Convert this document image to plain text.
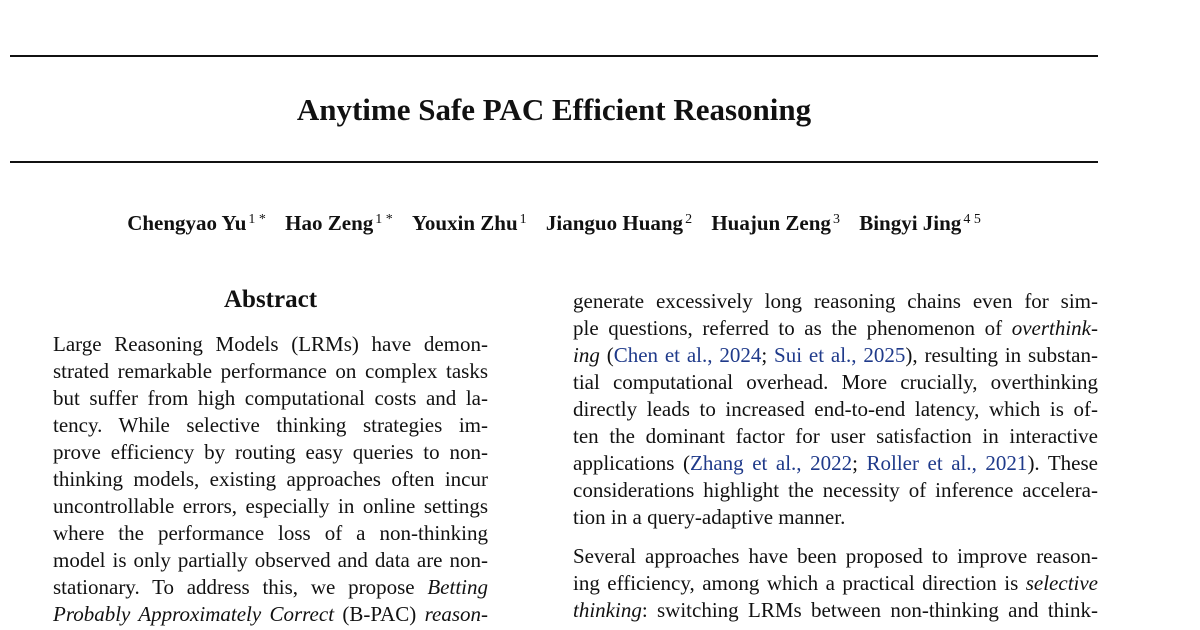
Anytime Safe PAC Efficient Reasoning
Chengyao Yu $^{1 *}$ Hao Zeng $^{1 *}$ Youxin Zhu $^1$ Jianguo Huang $^2$ Huajun Zeng $^3$ Bingyi Jing $^{4 5}$
Abstract
Large Reasoning Models (LRMs) have demon-
strated remarkable performance on complex tasks
but suffer from high computational costs and la-
tency. While selective thinking strategies im-
prove efficiency by routing easy queries to non-
thinking models, existing approaches often incur
uncontrollable errors, especially in online settings
where the performance loss of a non-thinking
model is only partially observed and data are non-
stationary. To address this, we propose Betting
Probably Approximately Correct (B-PAC) reason-
generate excessively long reasoning chains even for sim-
ple questions, referred to as the phenomenon of overthink-
ing (Chen et al., 2024; Sui et al., 2025), resulting in substan-
tial computational overhead. More crucially, overthinking
directly leads to increased end-to-end latency, which is of-
ten the dominant factor for user satisfaction in interactive
applications (Zhang et al., 2022; Roller et al., 2021). These
considerations highlight the necessity of inference accelera-
tion in a query-adaptive manner.
Several approaches have been proposed to improve reason-
ing efficiency, among which a practical direction is selective
thinking: switching LRMs between non-thinking and think-
